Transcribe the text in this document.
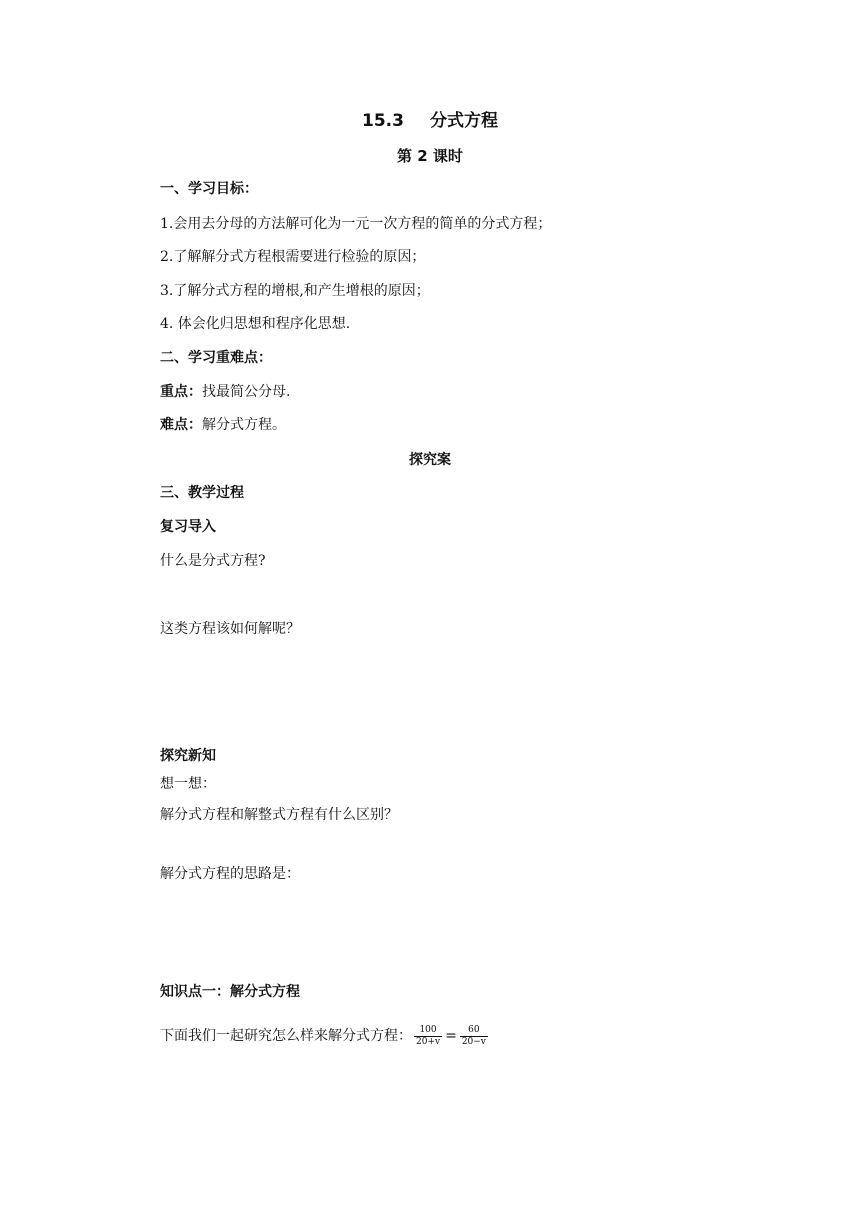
15.3 分式方程
第 2 课时
一、学习目标：
1.会用去分母的方法解可化为一元一次方程的简单的分式方程；
2.了解解分式方程根需要进行检验的原因；
3.了解分式方程的增根,和产生增根的原因；
4. 体会化归思想和程序化思想.
二、学习重难点：
重点：找最简公分母.
难点：解分式方程。
探究案
三、教学过程
复习导入
什么是分式方程?
这类方程该如何解呢？
探究新知
想一想：
解分式方程和解整式方程有什么区别？
解分式方程的思路是：
知识点一：解分式方程
下面我们一起研究怎么样来解分式方程： $\frac{100}{20+v} = \frac{60}{20-v}$
